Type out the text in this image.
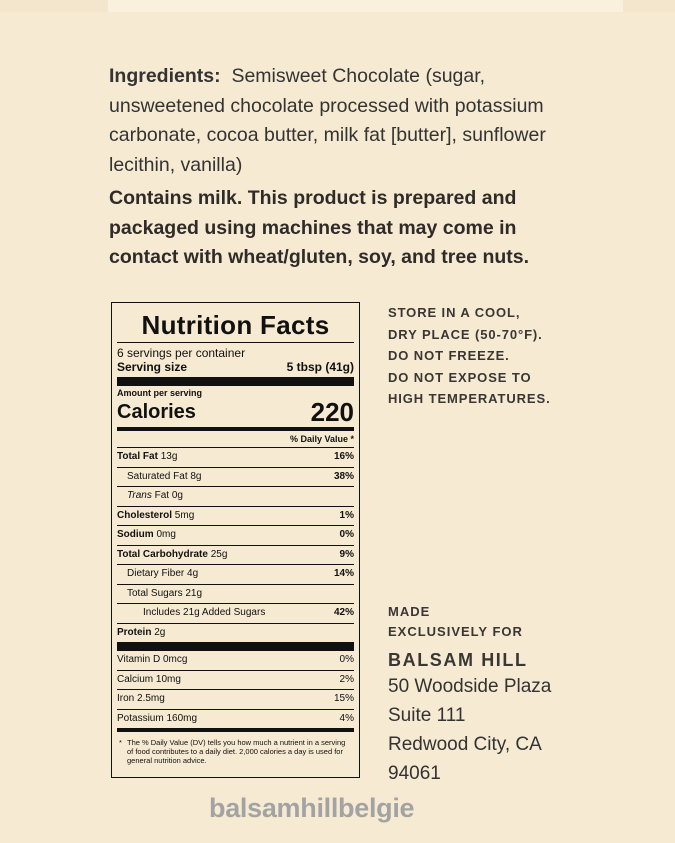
Ingredients: Semisweet Chocolate (sugar, unsweetened chocolate processed with potassium carbonate, cocoa butter, milk fat [butter], sunflower lecithin, vanilla)
Contains milk. This product is prepared and packaged using machines that may come in contact with wheat/gluten, soy, and tree nuts.
Nutrition Facts
6 servings per container
Serving size	5 tbsp (41g)
Amount per serving
Calories	220
% Daily Value *
Total Fat 13g	16%
Saturated Fat 8g	38%
Trans Fat 0g
Cholesterol 5mg	1%
Sodium 0mg	0%
Total Carbohydrate 25g	9%
Dietary Fiber 4g	14%
Total Sugars 21g
Includes 21g Added Sugars	42%
Protein 2g
Vitamin D 0mcg	0%
Calcium 10mg	2%
Iron 2.5mg	15%
Potassium 160mg	4%
* The % Daily Value (DV) tells you how much a nutrient in a serving of food contributes to a daily diet. 2,000 calories a day is used for general nutrition advice.
STORE IN A COOL,
DRY PLACE (50-70°F).
DO NOT FREEZE.
DO NOT EXPOSE TO
HIGH TEMPERATURES.
MADE
EXCLUSIVELY FOR
BALSAM HILL
50 Woodside Plaza
Suite 111
Redwood City, CA
94061
balsamhillbelgie
